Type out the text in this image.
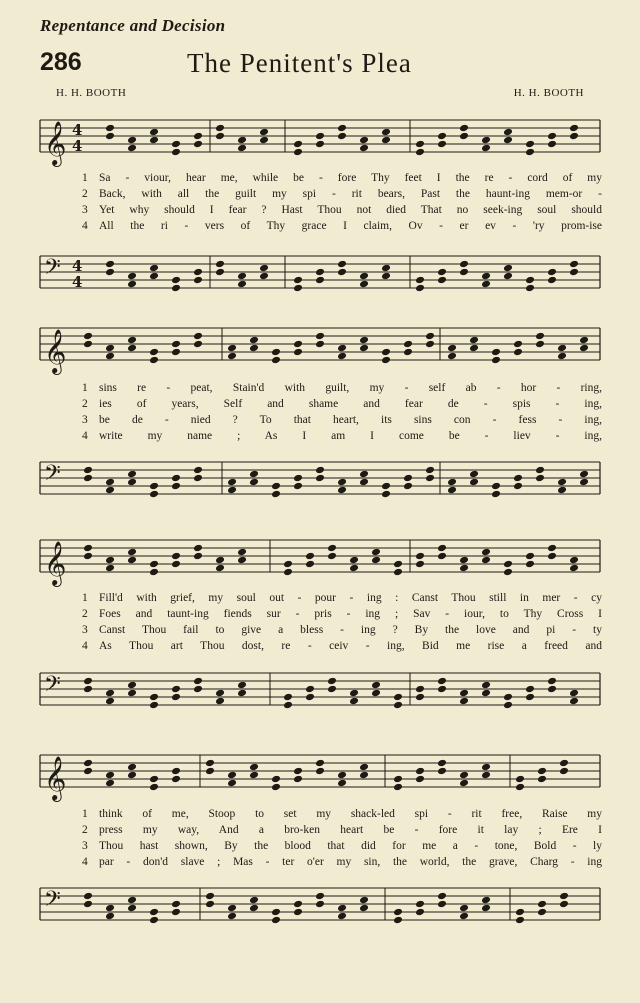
Repentance and Decision
286	The Penitent's Plea
H. H. BOOTH	H. H. BOOTH
𝄞 4
4
1 Sa - viour, hear me, while be - fore Thy feet I the re - cord of my
2 Back, with all the guilt my spi - rit bears, Past the haunt-ing mem-or -
3 Yet why should I fear ? Hast Thou not died That no seek-ing soul should
4 All the ri - vers of Thy grace I claim, Ov - er ev - 'ry prom-ise
𝄢 4
4
𝄞
1 sins re - peat, Stain'd with guilt, my - self ab - hor - ring,
2 ies of years, Self and shame and fear de - spis - ing,
3 be de - nied ? To that heart, its sins con - fess - ing,
4 write my name ; As I am I come be - liev - ing,
𝄢
𝄞
1 Fill'd with grief, my soul out - pour - ing : Canst Thou still in mer - cy
2 Foes and taunt-ing fiends sur - pris - ing ; Sav - iour, to Thy Cross I
3 Canst Thou fail to give a bless - ing ? By the love and pi - ty
4 As Thou art Thou dost, re - ceiv - ing, Bid me rise a freed and
𝄢
𝄞
1 think of me, Stoop to set my shack-led spi - rit free, Raise my
2 press my way, And a bro-ken heart be - fore it lay ; Ere I
3 Thou hast shown, By the blood that did for me a - tone, Bold - ly
4 par - don'd slave ; Mas - ter o'er my sin, the world, the grave, Charg - ing
𝄢
